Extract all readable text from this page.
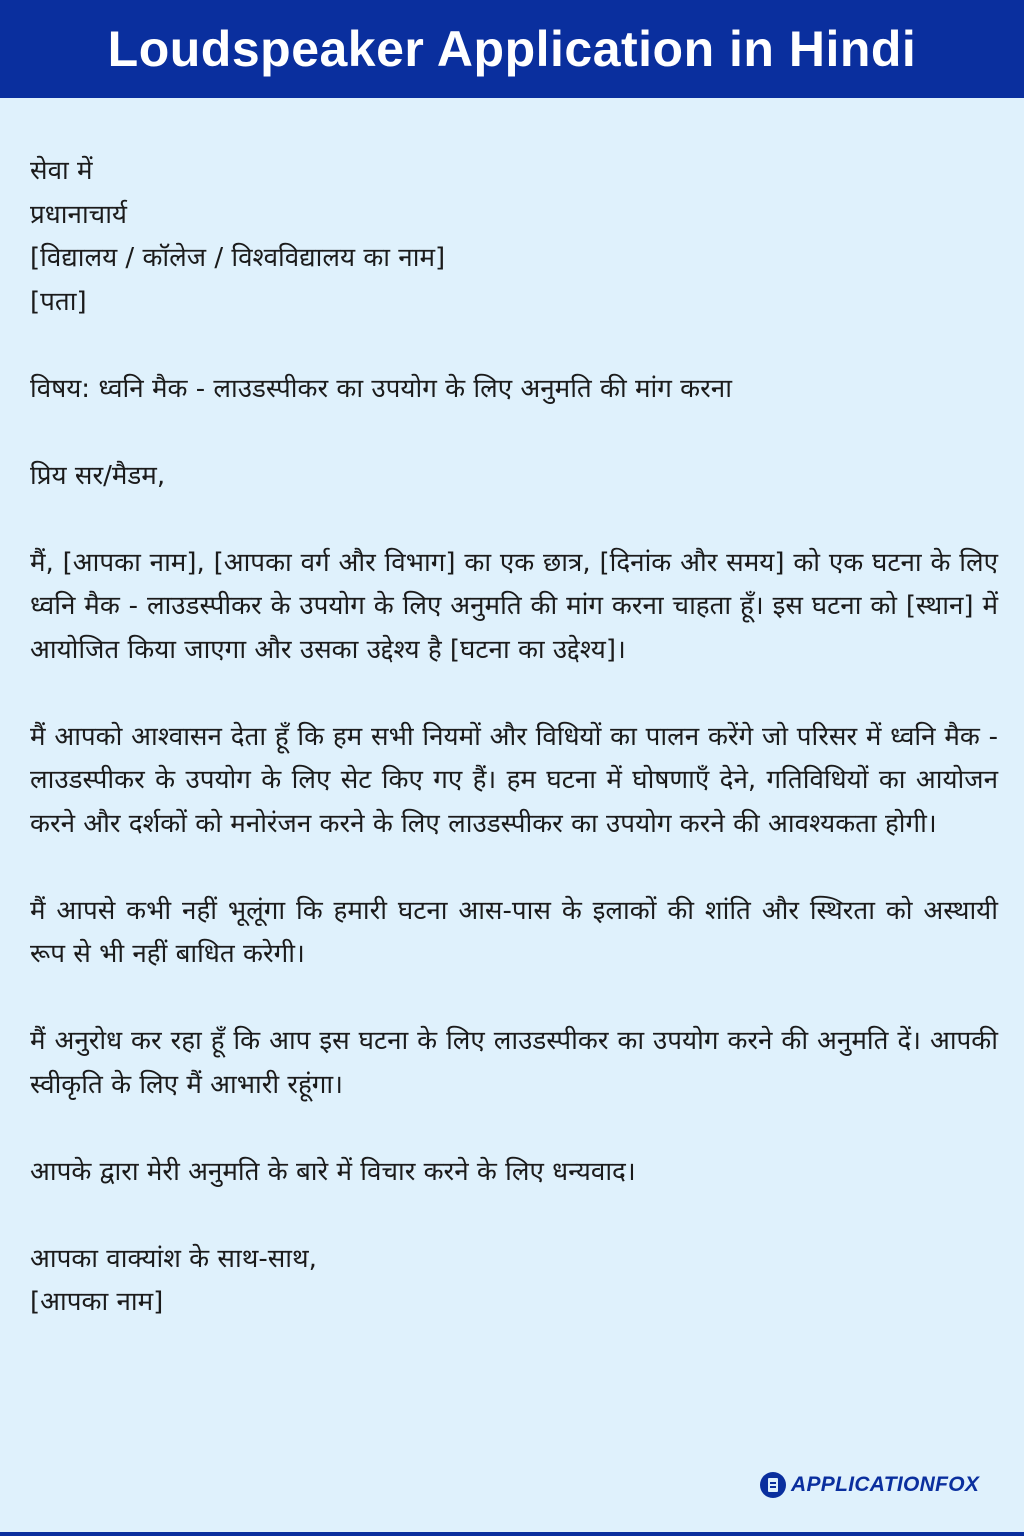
Loudspeaker Application in Hindi
सेवा में
प्रधानाचार्य
[विद्यालय / कॉलेज / विश्वविद्यालय का नाम]
[पता]
विषय: ध्वनि मैक - लाउडस्पीकर का उपयोग के लिए अनुमति की मांग करना
प्रिय सर/मैडम,
मैं, [आपका नाम], [आपका वर्ग और विभाग] का एक छात्र, [दिनांक और समय] को एक घटना के लिए ध्वनि मैक - लाउडस्पीकर के उपयोग के लिए अनुमति की मांग करना चाहता हूँ। इस घटना को [स्थान] में आयोजित किया जाएगा और उसका उद्देश्य है [घटना का उद्देश्य]।
मैं आपको आश्वासन देता हूँ कि हम सभी नियमों और विधियों का पालन करेंगे जो परिसर में ध्वनि मैक - लाउडस्पीकर के उपयोग के लिए सेट किए गए हैं। हम घटना में घोषणाएँ देने, गतिविधियों का आयोजन करने और दर्शकों को मनोरंजन करने के लिए लाउडस्पीकर का उपयोग करने की आवश्यकता होगी।
मैं आपसे कभी नहीं भूलूंगा कि हमारी घटना आस-पास के इलाकों की शांति और स्थिरता को अस्थायी रूप से भी नहीं बाधित करेगी।
मैं अनुरोध कर रहा हूँ कि आप इस घटना के लिए लाउडस्पीकर का उपयोग करने की अनुमति दें। आपकी स्वीकृति के लिए मैं आभारी रहूंगा।
आपके द्वारा मेरी अनुमति के बारे में विचार करने के लिए धन्यवाद।
आपका वाक्यांश के साथ-साथ,
[आपका नाम]
APPLICATIONFOX
